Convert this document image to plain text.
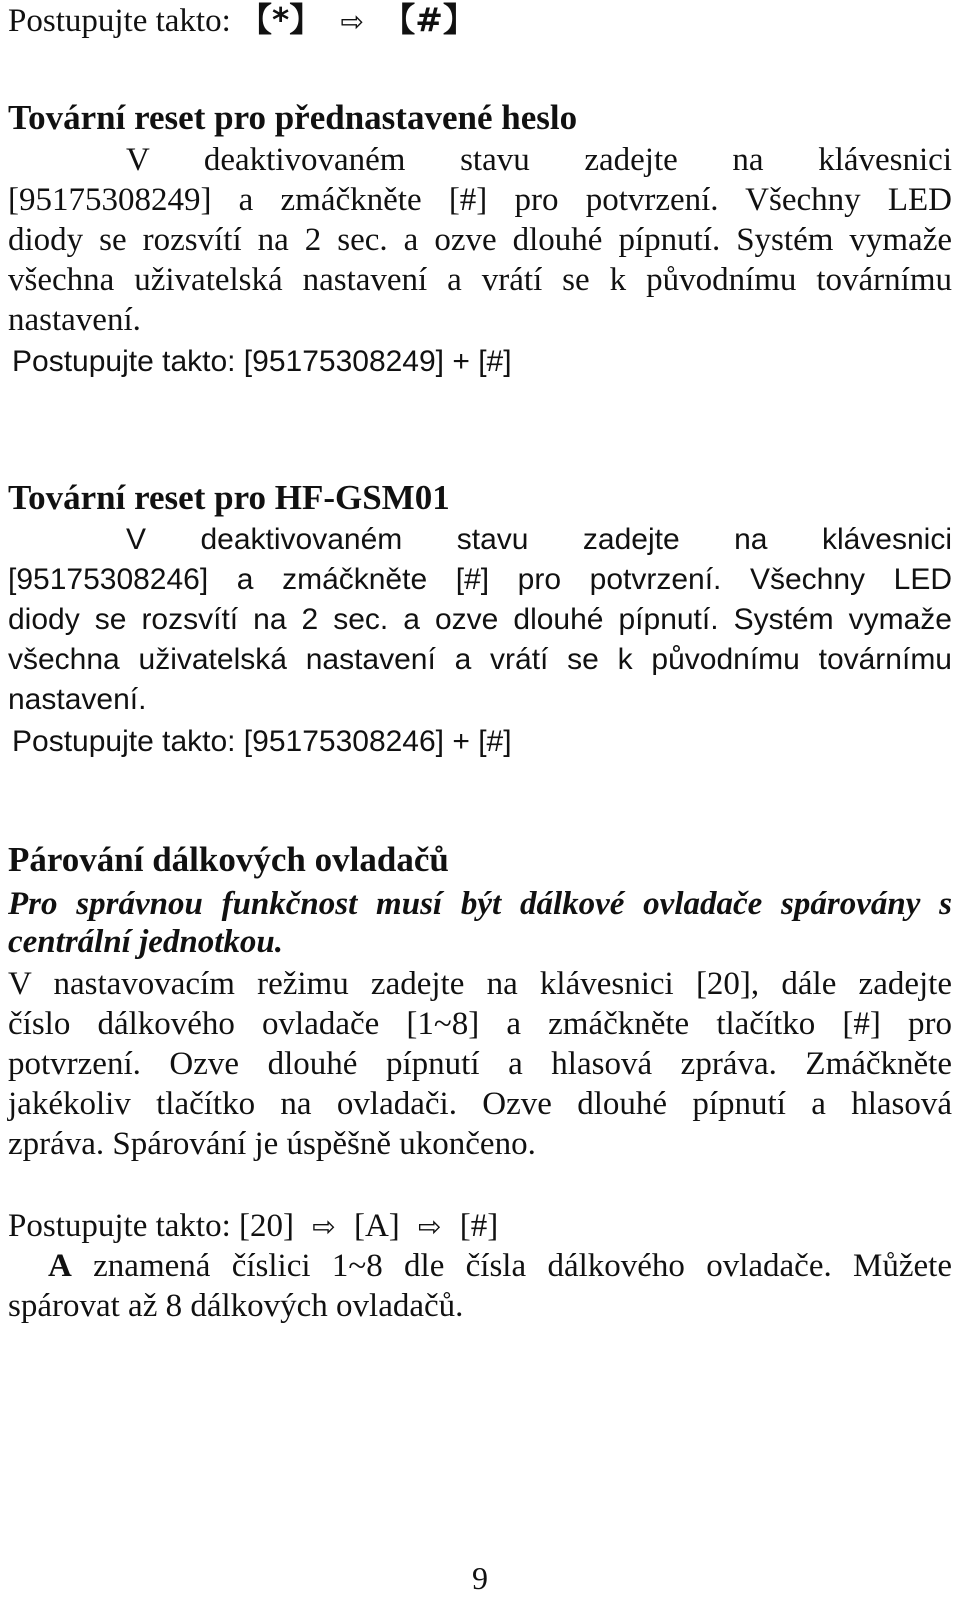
Postupujte takto: 【*】 ⇨ 【#】
Tovární reset pro přednastavené heslo
V deaktivovaném stavu zadejte na klávesnici
[95175308249] a zmáčkněte [#] pro potvrzení. Všechny LED
diody se rozsvítí na 2 sec. a ozve dlouhé pípnutí. Systém vymaže
všechna uživatelská nastavení a vrátí se k původnímu továrnímu
nastavení.
Postupujte takto: [95175308249] + [#]
Tovární reset pro HF-GSM01
V deaktivovaném stavu zadejte na klávesnici
[95175308246] a zmáčkněte [#] pro potvrzení. Všechny LED
diody se rozsvítí na 2 sec. a ozve dlouhé pípnutí. Systém vymaže
všechna uživatelská nastavení a vrátí se k původnímu továrnímu
nastavení.
Postupujte takto: [95175308246] + [#]
Párování dálkových ovladačů
Pro správnou funkčnost musí být dálkové ovladače spárovány s
centrální jednotkou.
V nastavovacím režimu zadejte na klávesnici [20], dále zadejte
číslo dálkového ovladače [1~8] a zmáčkněte tlačítko [#] pro
potvrzení. Ozve dlouhé pípnutí a hlasová zpráva. Zmáčkněte
jakékoliv tlačítko na ovladači. Ozve dlouhé pípnutí a hlasová
zpráva. Spárování je úspěšně ukončeno.
Postupujte takto: [20] ⇨ [A] ⇨ [#]
A znamená číslici 1~8 dle čísla dálkového ovladače. Můžete
spárovat až 8 dálkových ovladačů.
9
